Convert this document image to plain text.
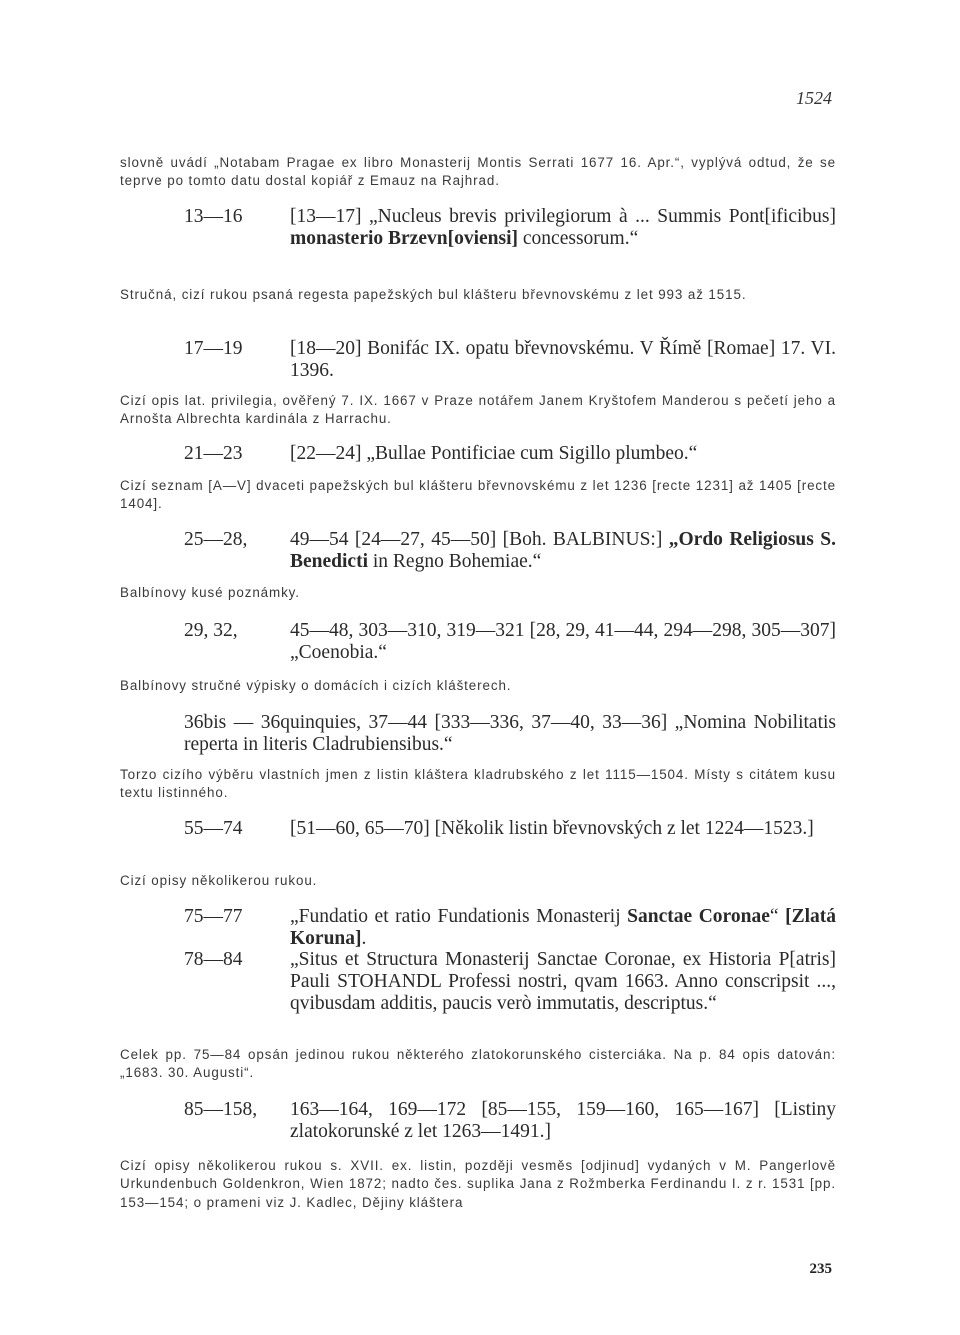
1524

slovně uvádí „Notabam Pragae ex libro Monasterij Montis Serrati 1677 16. Apr.“, vyplývá odtud, že se teprve po tomto datu dostal kopiář z Emauz na Rajhrad.

13—16	[13—17] „Nucleus brevis privilegiorum à ... Summis Pont[ificibus] monasterio Brzevn[oviensi] concessorum.“

Stručná, cizí rukou psaná regesta papežských bul klášteru břevnovskému z let 993 až 1515.

17—19	[18—20] Bonifác IX. opatu břevnovskému. V Římě [Romae] 17. VI. 1396.

Cizí opis lat. privilegia, ověřený 7. IX. 1667 v Praze notářem Janem Kryštofem Manderou s pečetí jeho a Arnošta Albrechta kardinála z Harrachu.

21—23	[22—24] „Bullae Pontificiae cum Sigillo plumbeo.“

Cizí seznam [A—V] dvaceti papežských bul klášteru břevnovskému z let 1236 [recte 1231] až 1405 [recte 1404].

25—28,	49—54 [24—27, 45—50] [Boh. BALBINUS:] „Ordo Religiosus S. Benedicti in Regno Bohemiae.“

Balbínovy kusé poznámky.

29, 32,	45—48, 303—310, 319—321 [28, 29, 41—44, 294—298, 305—307] „Coenobia.“

Balbínovy stručné výpisky o domácích i cizích klášterech.

36bis — 36quinquies, 37—44 [333—336, 37—40, 33—36] „Nomina Nobilitatis reperta in literis Cladrubiensibus.“

Torzo cizího výběru vlastních jmen z listin kláštera kladrubského z let 1115—1504. Místy s citátem kusu textu listinného.

55—74	[51—60, 65—70] [Několik listin břevnovských z let 1224—1523.]

Cizí opisy několikerou rukou.

75—77	„Fundatio et ratio Fundationis Monasterij Sanctae Coronae“ [Zlatá Koruna].
78—84	„Situs et Structura Monasterij Sanctae Coronae, ex Historia P[atris] Pauli STOHANDL Professi nostri, qvam 1663. Anno conscripsit ..., qvibusdam additis, paucis verò immutatis, descriptus.“

Celek pp. 75—84 opsán jedinou rukou některého zlatokorunského cisterciáka. Na p. 84 opis datován: „1683. 30. Augusti“.

85—158,	163—164, 169—172 [85—155, 159—160, 165—167] [Listiny zlatokorunské z let 1263—1491.]

Cizí opisy několikerou rukou s. XVII. ex. listin, později vesměs [odjinud] vydaných v M. Pangerlově Urkundenbuch Goldenkron, Wien 1872; nadto čes. suplika Jana z Rožmberka Ferdinandu I. z r. 1531 [pp. 153—154; o prameni viz J. Kadlec, Dějiny kláštera

235
